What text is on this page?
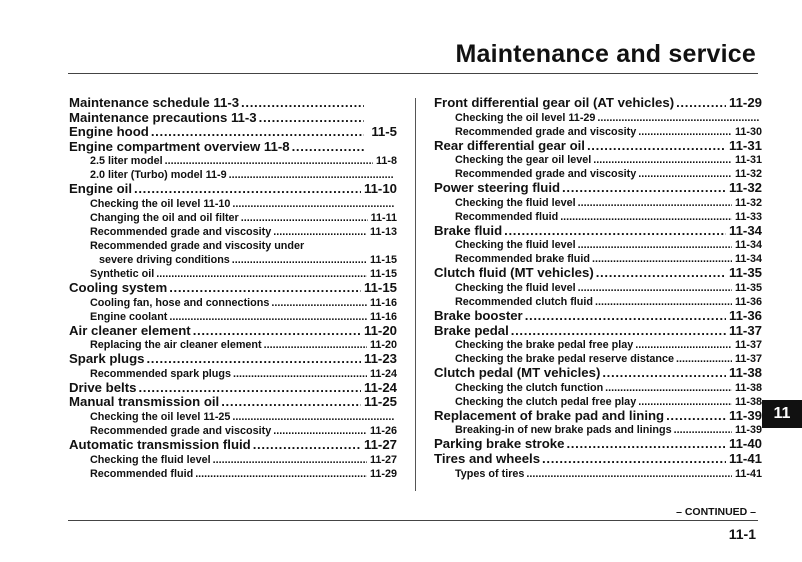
Maintenance and service
Maintenance schedule 11-3
. . .
Maintenance precautions 11-3
. . .
Engine hood . . .	11-5
Engine compartment overview 11-8
. . .
2.5 liter model . . .	11-8
2.0 liter (Turbo) model 11-9
. . .
Engine oil . . .	11-10
Checking the oil level 11-10
. . .
Changing the oil and oil filter . . .	11-11
Recommended grade and viscosity . . .	11-13
Recommended grade and viscosity under
severe driving conditions . . .	11-15
Synthetic oil . . .	11-15
Cooling system . . .	11-15
Cooling fan, hose and connections . . .	11-16
Engine coolant . . .	11-16
Air cleaner element . . .	11-20
Replacing the air cleaner element . . .	11-20
Spark plugs . . .	11-23
Recommended spark plugs . . .	11-24
Drive belts . . .	11-24
Manual transmission oil . . .	11-25
Checking the oil level 11-25
. . .
Recommended grade and viscosity . . .	11-26
Automatic transmission fluid . . .	11-27
Checking the fluid level . . .	11-27
Recommended fluid . . .	11-29
Front differential gear oil (AT vehicles) . . .	11-29
Checking the oil level 11-29
. . .
Recommended grade and viscosity . . .	11-30
Rear differential gear oil . . .	11-31
Checking the gear oil level . . .	11-31
Recommended grade and viscosity . . .	11-32
Power steering fluid . . .	11-32
Checking the fluid level . . .	11-32
Recommended fluid . . .	11-33
Brake fluid . . .	11-34
Checking the fluid level . . .	11-34
Recommended brake fluid . . .	11-34
Clutch fluid (MT vehicles) . . .	11-35
Checking the fluid level . . .	11-35
Recommended clutch fluid . . .	11-36
Brake booster . . .	11-36
Brake pedal . . .	11-37
Checking the brake pedal free play . . .	11-37
Checking the brake pedal reserve distance . . .	11-37
Clutch pedal (MT vehicles) . . .	11-38
Checking the clutch function . . .	11-38
Checking the clutch pedal free play . . .	11-38
Replacement of brake pad and lining . . .	11-39
Breaking-in of new brake pads and linings . . .	11-39
Parking brake stroke . . .	11-40
Tires and wheels . . .	11-41
Types of tires . . .	11-41
11
– CONTINUED –
11-1
